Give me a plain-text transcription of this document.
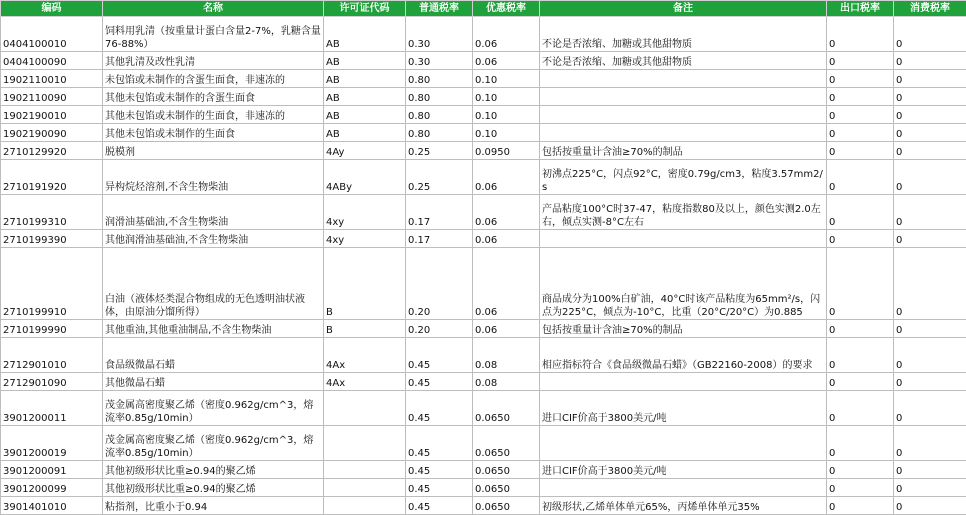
编码	名称	许可证代码	普通税率	优惠税率	备注	出口税率	消费税率
0404100010	饲料用乳清（按重量计蛋白含量2-7%，乳糖含量76-88%）	AB	0.30	0.06	不论是否浓缩、加糖或其他甜物质	0	0
0404100090	其他乳清及改性乳清	AB	0.30	0.06	不论是否浓缩、加糖或其他甜物质	0	0
1902110010	未包馅或未制作的含蛋生面食，非速冻的	AB	0.80	0.10		0	0
1902110090	其他未包馅或未制作的含蛋生面食	AB	0.80	0.10		0	0
1902190010	其他未包馅或未制作的生面食，非速冻的	AB	0.80	0.10		0	0
1902190090	其他未包馅或未制作的生面食	AB	0.80	0.10		0	0
2710129920	脱模剂	4Ay	0.25	0.0950	包括按重量计含油≥70%的制品	0	0
2710191920	异构烷烃溶剂,不含生物柴油	4ABy	0.25	0.06	初沸点225°C，闪点92°C，密度0.79g/cm3，粘度3.57mm2/s	0	0
2710199310	润滑油基础油,不含生物柴油	4xy	0.17	0.06	产品粘度100°C时37-47，粘度指数80及以上，颜色实测2.0左右，倾点实测-8°C左右	0	0
2710199390	其他润滑油基础油,不含生物柴油	4xy	0.17	0.06		0	0
2710199910	白油（液体烃类混合物组成的无色透明油状液体，由原油分馏所得）	B	0.20	0.06	商品成分为100%白矿油，40°C时该产品粘度为65mm²/s，闪点为225°C，倾点为-10°C，比重（20°C/20°C）为0.885	0	0
2710199990	其他重油,其他重油制品,不含生物柴油	B	0.20	0.06	包括按重量计含油≥70%的制品	0	0
2712901010	食品级微晶石蜡	4Ax	0.45	0.08	相应指标符合《食品级微晶石蜡》（GB22160-2008）的要求	0	0
2712901090	其他微晶石蜡	4Ax	0.45	0.08		0	0
3901200011	茂金属高密度聚乙烯（密度0.962g/cm^3，熔流率0.85g/10min）		0.45	0.0650	进口CIF价高于3800美元/吨	0	0
3901200019	茂金属高密度聚乙烯（密度0.962g/cm^3，熔流率0.85g/10min）		0.45	0.0650		0	0
3901200091	其他初级形状比重≥0.94的聚乙烯		0.45	0.0650	进口CIF价高于3800美元/吨	0	0
3901200099	其他初级形状比重≥0.94的聚乙烯		0.45	0.0650		0	0
3901401010	粘指剂，比重小于0.94		0.45	0.0650	初级形状,乙烯单体单元65%，丙烯单体单元35%	0	0
